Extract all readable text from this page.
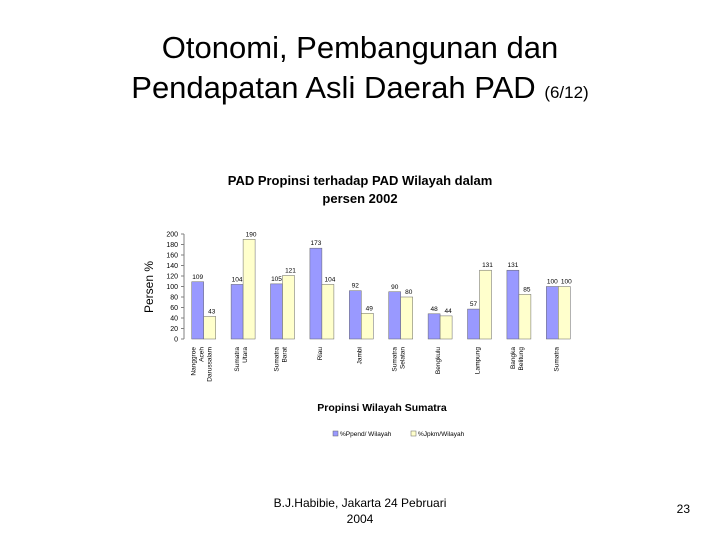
Otonomi, Pembangunan dan
Pendapatan Asli Daerah PAD (6/12)
PAD Propinsi terhadap PAD Wilayah dalam
persen 2002
0
20
40
60
80
100
120
140
160
180
200
Persen %	109	104	105
173
92	90
48
57
131
100
43
190
121
104
49
80
44
131
85
100
Nanggroe Aceh Darussalam	Sumatra Utara	Sumatra Barat	Riau	Jambi	Sumatra Selatan	Bengkulu	Lampung	Bangka Belitung	Sumatra
Propinsi Wilayah Sumatra
%Ppend/ Wilayah	%Jpkm/Wilayah
B.J.Habibie, Jakarta 24 Pebruari
2004
23
